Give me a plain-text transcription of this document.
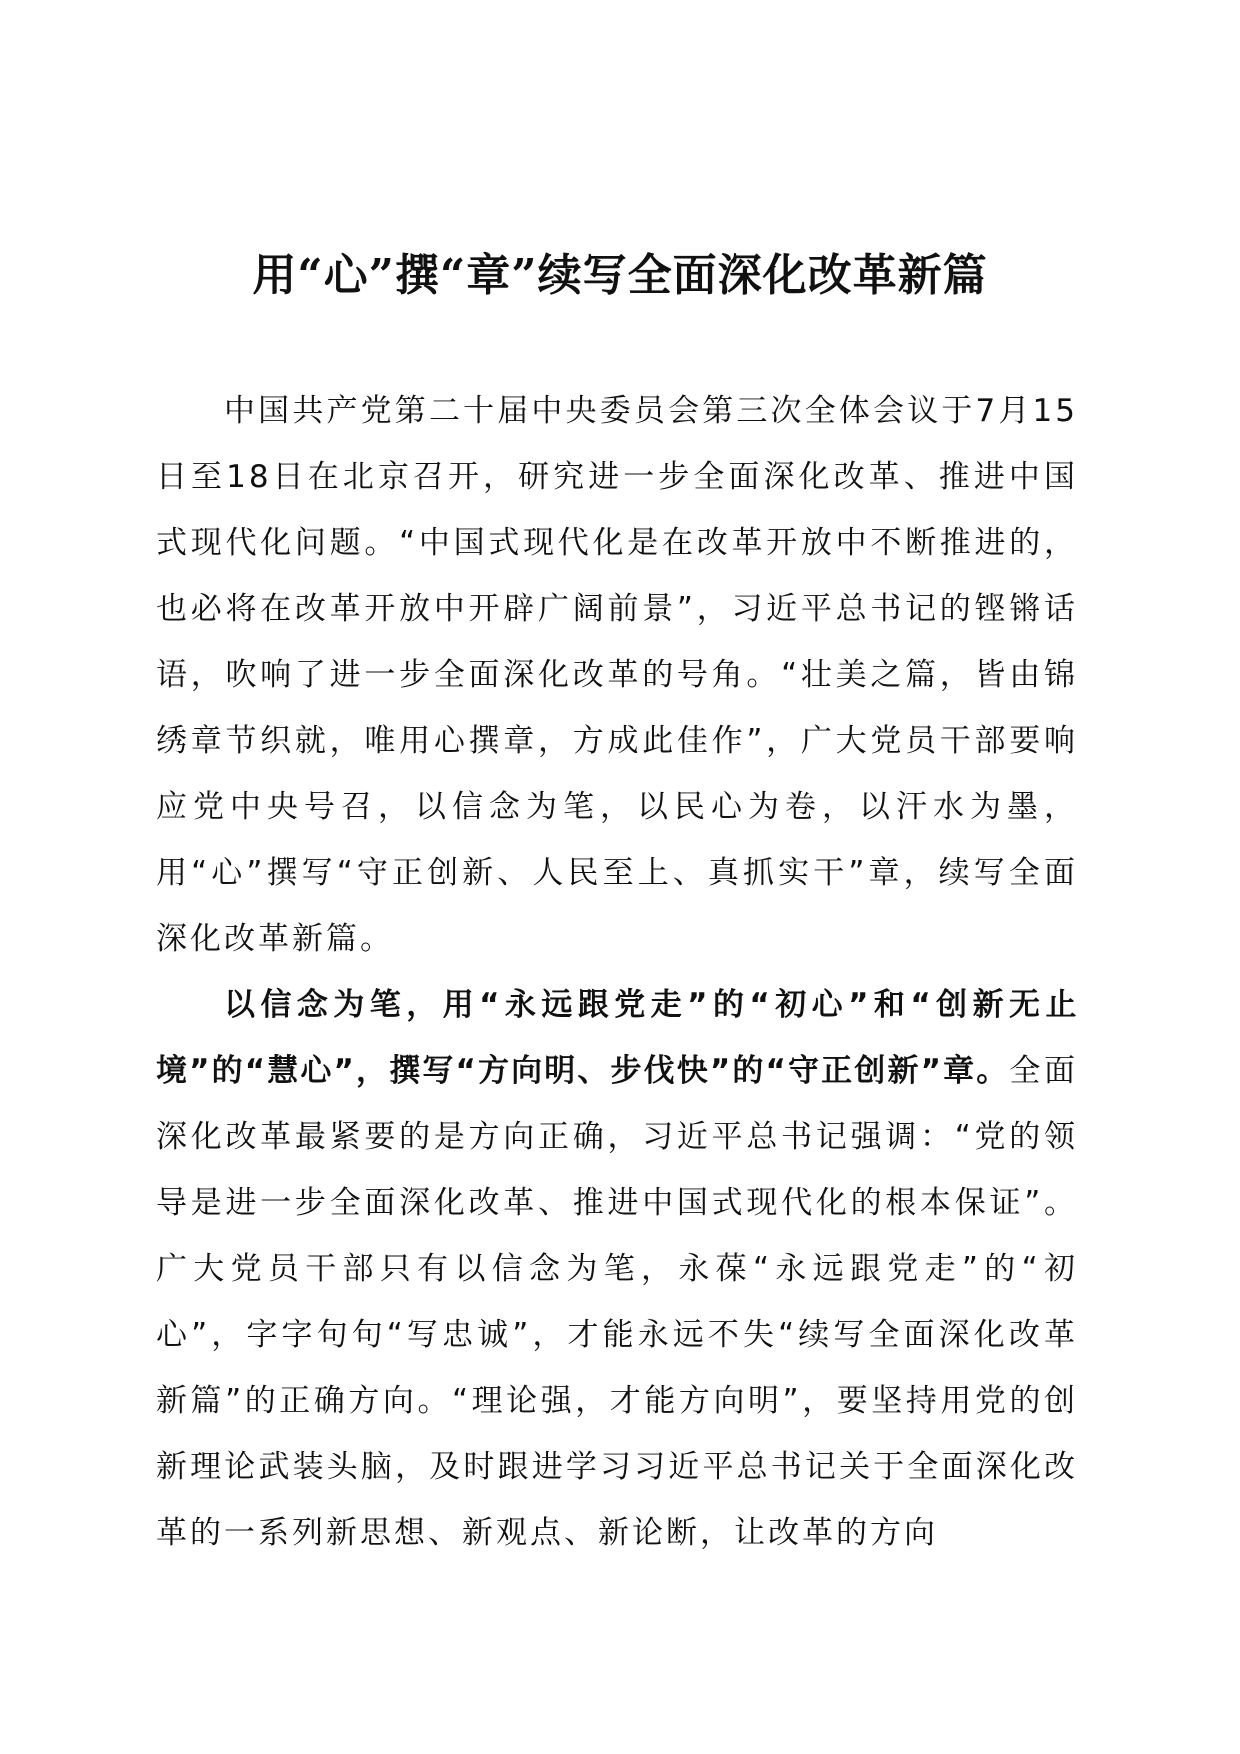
用“心”撰“章”续写全面深化改革新篇

中国共产党第二十届中央委员会第三次全体会议于7月15日至18日在北京召开，研究进一步全面深化改革、推进中国式现代化问题。“中国式现代化是在改革开放中不断推进的，也必将在改革开放中开辟广阔前景”，习近平总书记的铿锵话语，吹响了进一步全面深化改革的号角。“壮美之篇，皆由锦绣章节织就，唯用心撰章，方成此佳作”，广大党员干部要响应党中央号召，以信念为笔，以民心为卷，以汗水为墨，用“心”撰写“守正创新、人民至上、真抓实干”章，续写全面深化改革新篇。

以信念为笔，用“永远跟党走”的“初心”和“创新无止境”的“慧心”，撰写“方向明、步伐快”的“守正创新”章。全面深化改革最紧要的是方向正确，习近平总书记强调：“党的领导是进一步全面深化改革、推进中国式现代化的根本保证”。广大党员干部只有以信念为笔，永葆“永远跟党走”的“初心”，字字句句“写忠诚”，才能永远不失“续写全面深化改革新篇”的正确方向。“理论强，才能方向明”，要坚持用党的创新理论武装头脑，及时跟进学习习近平总书记关于全面深化改革的一系列新思想、新观点、新论断，让改革的方向
